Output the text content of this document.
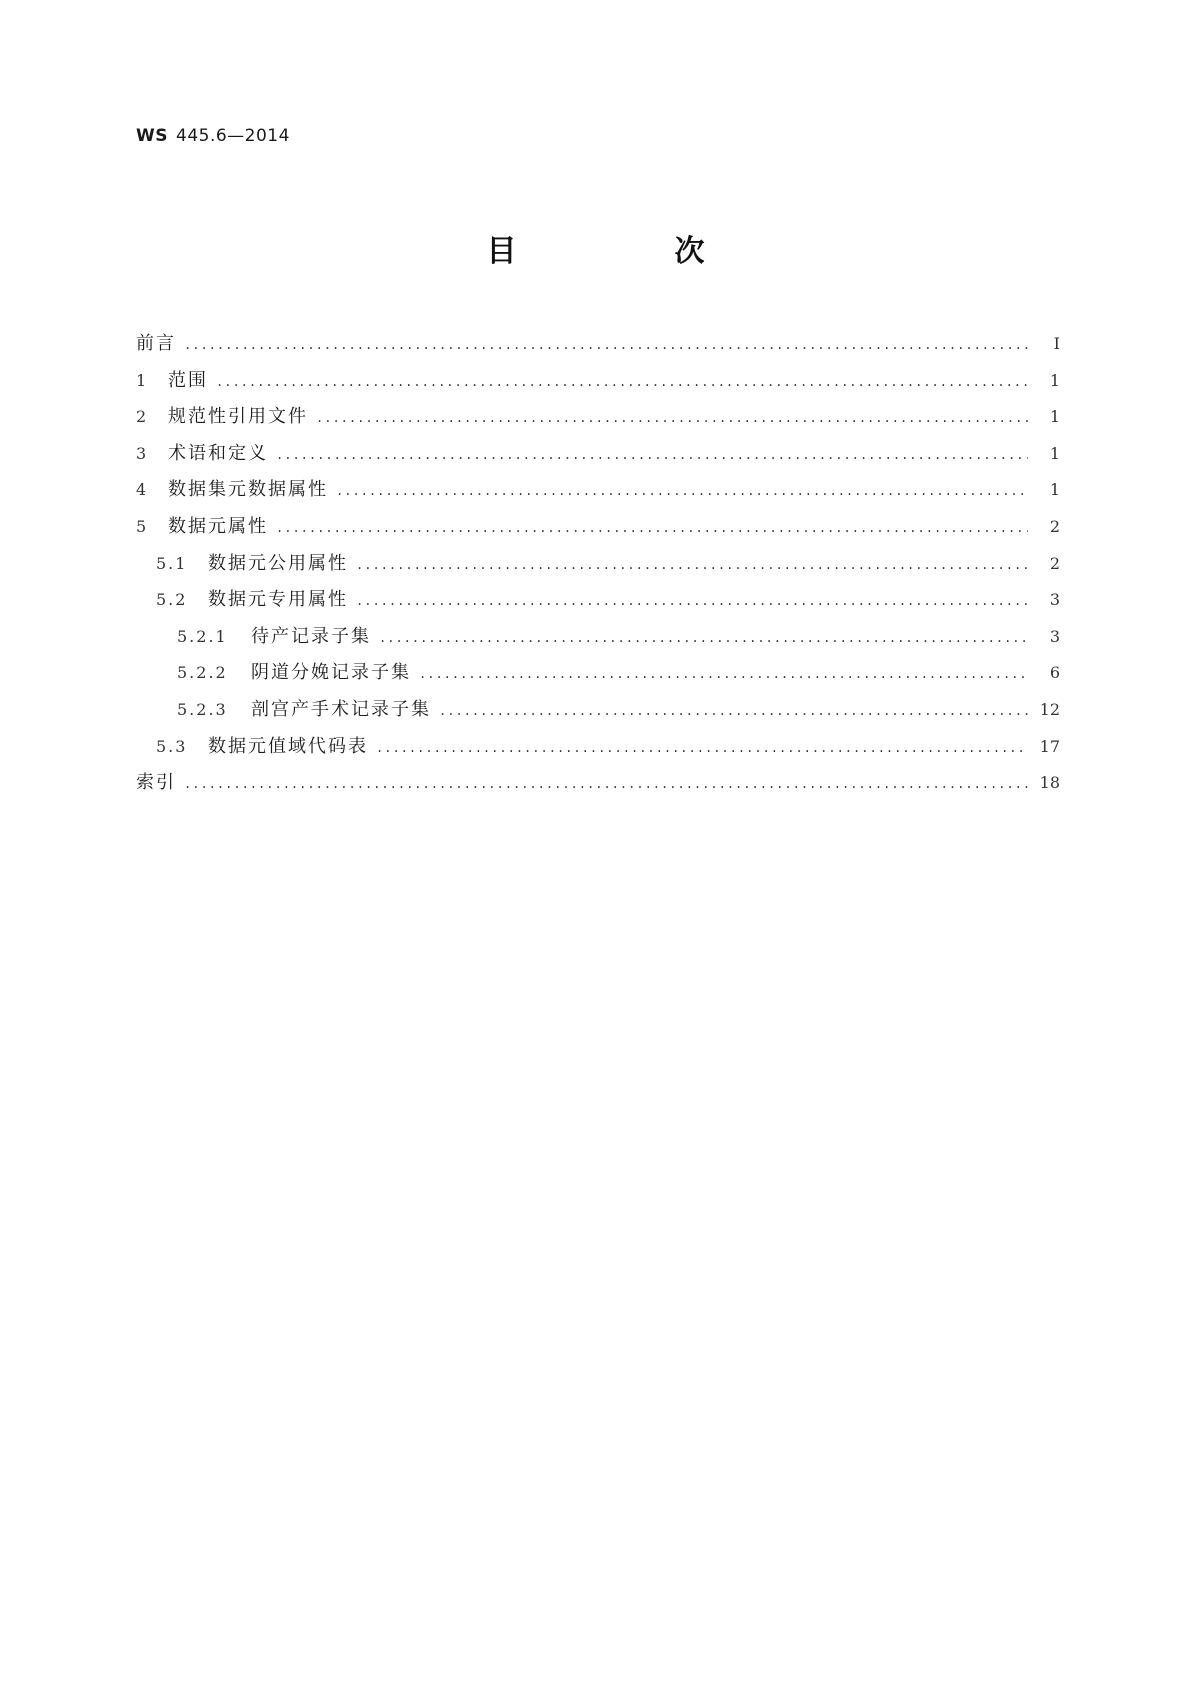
WS 445.6—2014
目　次
前言 .....	Ⅰ
1	范围 .....	1
2	规范性引用文件 .....	1
3	术语和定义 .....	1
4	数据集元数据属性 .....	1
5	数据元属性 .....	2
5.1	数据元公用属性 .....	2
5.2	数据元专用属性 .....	3
5.2.1	待产记录子集 .....	3
5.2.2	阴道分娩记录子集 .....	6
5.2.3	剖宫产手术记录子集 .....	12
5.3	数据元值域代码表 .....	17
索引 .....	18
